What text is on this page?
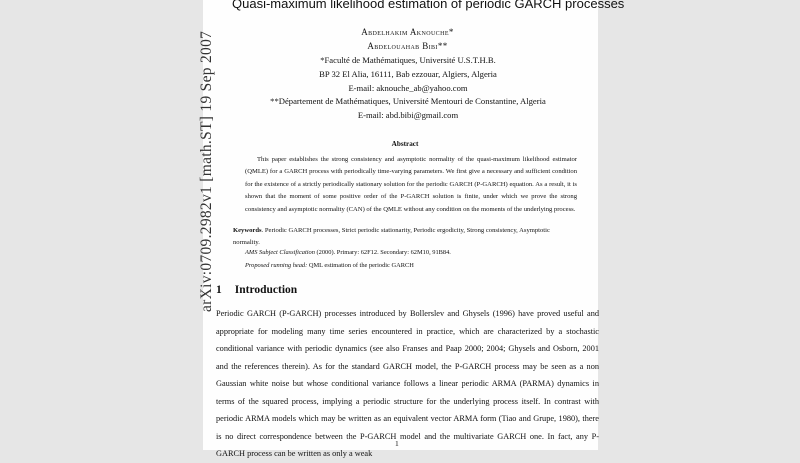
arXiv:0709.2982v1 [math.ST] 19 Sep 2007
Quasi-maximum likelihood estimation of periodic GARCH processes
Abdelhakim Aknouche*
Abdelouahab Bibi**
*Faculté de Mathématiques, Université U.S.T.H.B.
BP 32 El Alia, 16111, Bab ezzouar, Algiers, Algeria
E-mail: aknouche_ab@yahoo.com
**Département de Mathématiques, Université Mentouri de Constantine, Algeria
E-mail: abd.bibi@gmail.com
Abstract

This paper establishes the strong consistency and asymptotic normality of the quasi-maximum likelihood estimator (QMLE) for a GARCH process with periodically time-varying parameters. We first give a necessary and sufficient condition for the existence of a strictly periodically stationary solution for the periodic GARCH (P-GARCH) equation. As a result, it is shown that the moment of some positive order of the P-GARCH solution is finite, under which we prove the strong consistency and asymptotic normality (CAN) of the QMLE without any condition on the moments of the underlying process.

Keywords. Periodic GARCH processes, Strict periodic stationarity, Periodic ergodicity, Strong consistency, Asymptotic normality.
AMS Subject Classification (2000). Primary: 62F12. Secondary: 62M10, 91B84.
Proposed running head: QML estimation of the periodic GARCH
1 Introduction

Periodic GARCH (P-GARCH) processes introduced by Bollerslev and Ghysels (1996) have proved useful and appropriate for modeling many time series encountered in practice, which are characterized by a stochastic conditional variance with periodic dynamics (see also Franses and Paap 2000; 2004; Ghysels and Osborn, 2001 and the references therein). As for the standard GARCH model, the P-GARCH process may be seen as a non Gaussian white noise but whose conditional variance follows a linear periodic ARMA (PARMA) dynamics in terms of the squared process, implying a periodic structure for the underlying process itself. In contrast with periodic ARMA models which may be written as an equivalent vector ARMA form (Tiao and Grupe, 1980), there is no direct correspondence between the P-GARCH model and the multivariate GARCH one. In fact, any P-GARCH process can be written as only a weak

1
